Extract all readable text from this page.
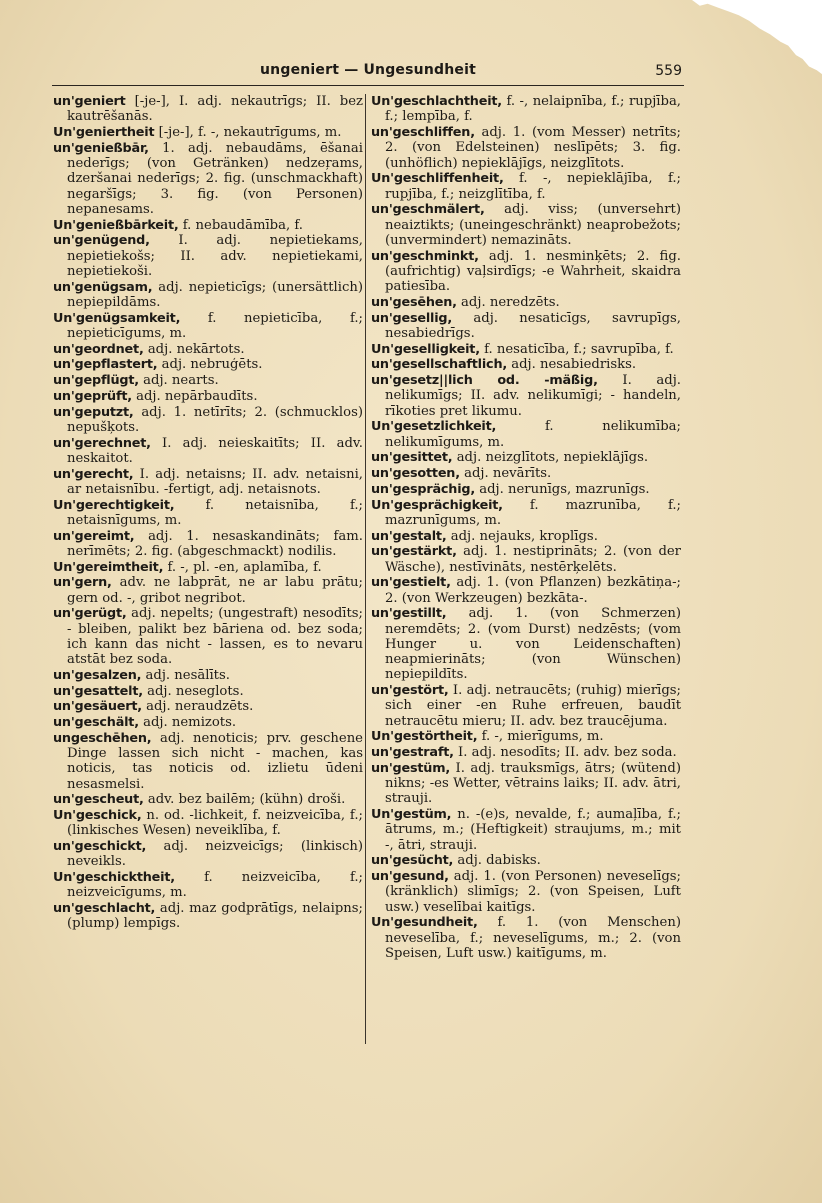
ungeniert — Ungesundheit	559

un'geniert [-je-], I. adj. nekautrīgs; II. bez kautrēšanās.

Un'geniertheit [-je-], f. -, nekautrīgums, m.

un'genießbār, 1. adj. nebaudāms, ēšanai nederīgs; (von Getränken) nedzeŗams, dzeršanai nederīgs; 2. fig. (unschmackhaft) negaršīgs; 3. fig. (von Personen) nepanesams.

Un'genießbārkeit, f. nebaudāmība, f.

un'genügend, I. adj. nepietiekams, nepietiekošs; II. adv. nepietiekami, nepietiekoši.

un'genügsam, adj. nepieticīgs; (unersättlich) nepiepildāms.

Un'genügsamkeit, f. nepieticība, f.; nepieticīgums, m.

un'geordnet, adj. nekārtots.

un'gepflastert, adj. nebruģēts.

un'gepflügt, adj. nearts.

un'geprüft, adj. nepārbaudīts.

un'geputzt, adj. 1. netīrīts; 2. (schmucklos) nepušķots.

un'gerechnet, I. adj. neieskaitīts; II. adv. neskaitot.

un'gerecht, I. adj. netaisns; II. adv. netaisni, ar netaisnību. -fertigt, adj. netaisnots.

Un'gerechtigkeit, f. netaisnība, f.; netaisnīgums, m.

un'gereimt, adj. 1. nesaskandināts; fam. nerīmēts; 2. fig. (abgeschmackt) nodilis.

Un'gereimtheit, f. -, pl. -en, aplamība, f.

un'gern, adv. ne labprāt, ne ar labu prātu; gern od. -, gribot negribot.

un'gerügt, adj. nepelts; (ungestraft) nesodīts; - bleiben, palikt bez bāriena od. bez soda; ich kann das nicht - lassen, es to nevaru atstāt bez soda.

un'gesalzen, adj. nesālīts.

un'gesattelt, adj. neseglots.

un'gesäuert, adj. neraudzēts.

un'geschält, adj. nemizots.

ungeschēhen, adj. nenoticis; prv. geschene Dinge lassen sich nicht - machen, kas noticis, tas noticis od. izlietu ūdeni nesasmelsi.

un'gescheut, adv. bez bailēm; (kühn) droši.

Un'geschick, n. od. -lichkeit, f. neizveicība, f.; (linkisches Wesen) neveiklība, f.

un'geschickt, adj. neizveicīgs; (linkisch) neveikls.

Un'geschicktheit, f. neizveicība, f.; neizveicīgums, m.

un'geschlacht, adj. maz godprātīgs, nelaipns; (plump) lempīgs.

Un'geschlachtheit, f. -, nelaipnība, f.; rupjība, f.; lempība, f.

un'geschliffen, adj. 1. (vom Messer) netrīts; 2. (von Edelsteinen) neslīpēts; 3. fig. (unhöflich) nepieklājīgs, neizglītots.

Un'geschliffenheit, f. -, nepieklājība, f.; rupjība, f.; neizglītība, f.

un'geschmälert, adj. viss; (unversehrt) neaiztikts; (uneingeschränkt) neaprobežots; (unvermindert) nemazināts.

un'geschminkt, adj. 1. nesminķēts; 2. fig. (aufrichtig) vaļsirdīgs; -e Wahrheit, skaidra patiesība.

un'gesēhen, adj. neredzēts.

un'gesellig, adj. nesaticīgs, savrupīgs, nesabiedrīgs.

Un'geselligkeit, f. nesaticība, f.; savrupība, f.

un'gesellschaftlich, adj. nesabiedrisks.

un'gesetz||lich od. -mäßig, I. adj. nelikumīgs; II. adv. nelikumīgi; - handeln, rīkoties pret likumu.

Un'gesetzlichkeit,	f. nelikumība; nelikumīgums, m.

un'gesittet, adj. neizglītots, nepieklājīgs.

un'gesotten, adj. nevārīts.

un'gesprächig, adj. nerunīgs, mazrunīgs.

Un'gesprächigkeit, f. mazrunība, f.; mazrunīgums, m.

un'gestalt, adj. nejauks, kroplīgs.

un'gestärkt, adj. 1. nestiprināts; 2. (von der Wäsche), nestīvināts, nestērķelēts.

un'gestielt, adj. 1. (von Pflanzen) bezkātiņa-; 2. (von Werkzeugen) bezkāta-.

un'gestillt, adj. 1. (von Schmerzen) neremdēts; 2. (vom Durst) nedzēsts; (vom Hunger u. von Leidenschaften) neapmierināts; (von Wünschen) nepiepildīts.

un'gestört, I. adj. netraucēts; (ruhig) mierīgs; sich einer -en Ruhe erfreuen, baudīt netraucētu mieru; II. adv. bez traucējuma.

Un'gestörtheit, f. -, mierīgums, m.

un'gestraft, I. adj. nesodīts; II. adv. bez soda.

un'gestüm, I. adj. trauksmīgs, ātrs; (wütend) nikns; -es Wetter, vētrains laiks; II. adv. ātri, strauji.

Un'gestüm, n. -(e)s, nevalde, f.; aumaļība, f.; ātrums, m.; (Heftigkeit) straujums, m.; mit -, ātri, strauji.

un'gesücht, adj. dabisks.

un'gesund, adj. 1. (von Personen) neveselīgs; (kränklich) slimīgs; 2. (von Speisen, Luft usw.) veselībai kaitīgs.

Un'gesundheit, f. 1. (von Menschen) neveselība, f.; neveselīgums, m.; 2. (von Speisen, Luft usw.) kaitīgums, m.
